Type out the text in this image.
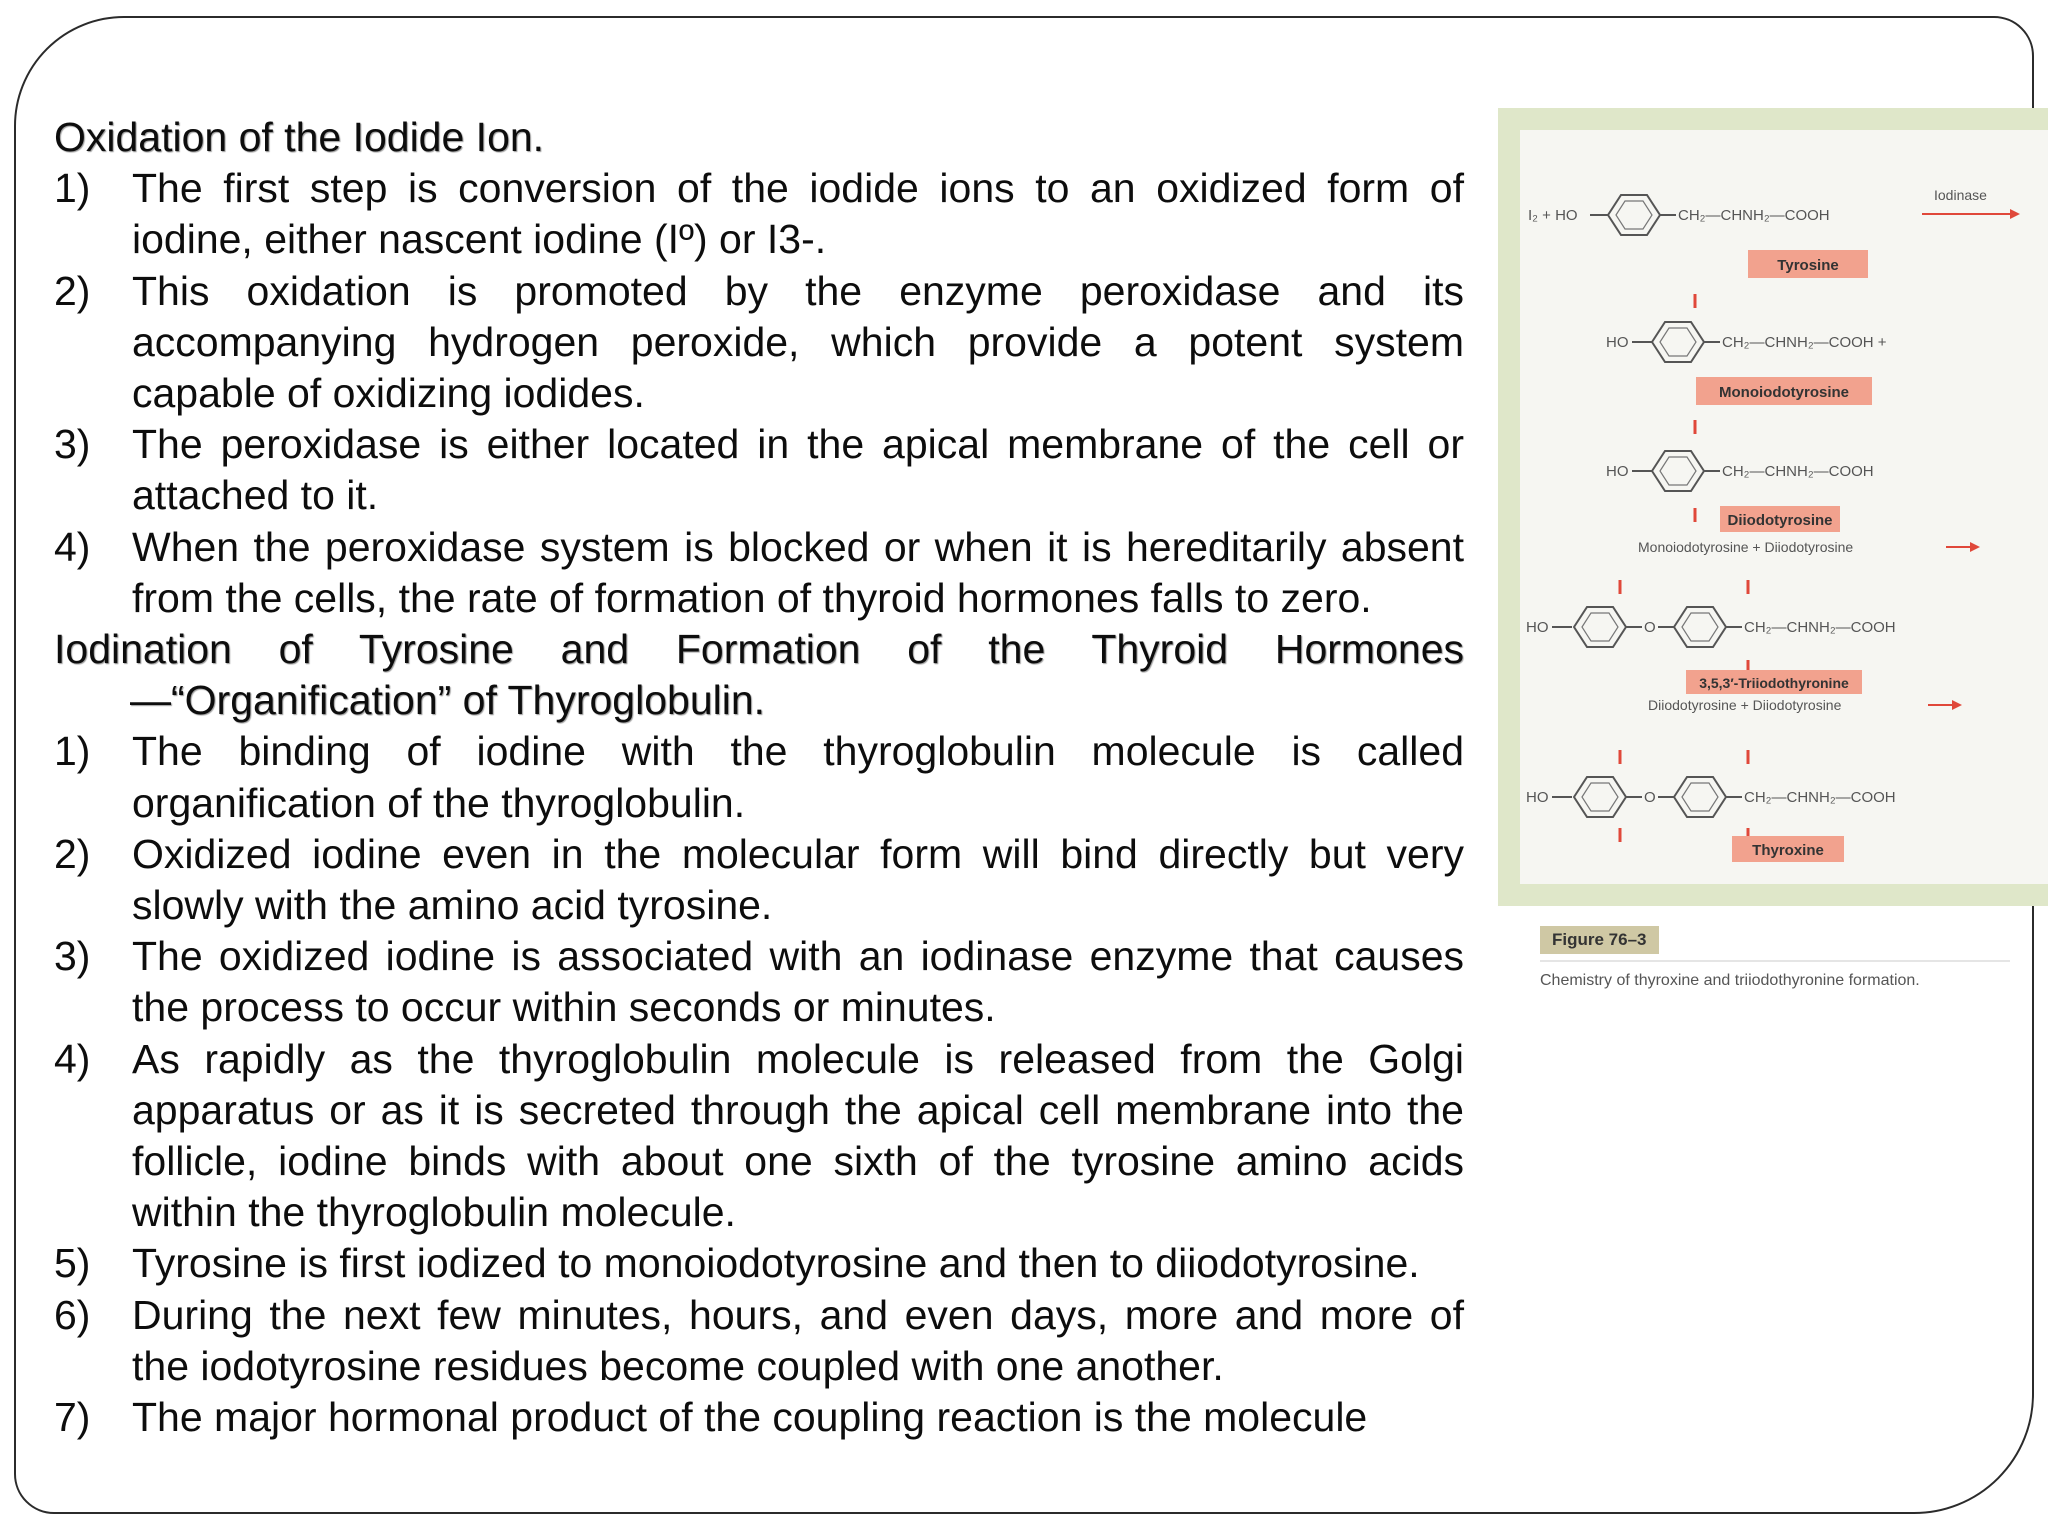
Oxidation of the Iodide Ion.
1)	The first step is conversion of the iodide ions to an oxidized form of iodine, either nascent iodine (Iº) or I3-.
2)	This oxidation is promoted by the enzyme peroxidase and its accompanying hydrogen peroxide, which provide a potent system capable of oxidizing iodides.
3)	The peroxidase is either located in the apical membrane of the cell or attached to it.
4)	When the peroxidase system is blocked or when it is hereditarily absent from the cells, the rate of formation of thyroid hormones falls to zero.
Iodination of Tyrosine and Formation of the Thyroid Hormones—“Organification” of Thyroglobulin.
1)	The binding of iodine with the thyroglobulin molecule is called organification of the thyroglobulin.
2)	Oxidized iodine even in the molecular form will bind directly but very slowly with the amino acid tyrosine.
3)	The oxidized iodine is associated with an iodinase enzyme that causes the process to occur within seconds or minutes.
4)	As rapidly as the thyroglobulin molecule is released from the Golgi apparatus or as it is secreted through the apical cell membrane into the follicle, iodine binds with about one sixth of the tyrosine amino acids within the thyroglobulin molecule.
5)	Tyrosine is first iodized to monoiodotyrosine and then to diiodotyrosine.
6)	During the next few minutes, hours, and even days, more and more of the iodotyrosine residues become coupled with one another.
7)	The major hormonal product of the coupling reaction is the molecule
I₂ + HO	CH₂—CHNH₂—COOH
Iodinase
Tyrosine
HO	CH₂—CHNH₂—COOH +
Monoiodotyrosine
HO	CH₂—CHNH₂—COOH
Diiodotyrosine
Monoiodotyrosine + Diiodotyrosine
HO	O	CH₂—CHNH₂—COOH
3,5,3′-Triiodothyronine
Diiodotyrosine + Diiodotyrosine
HO	O	CH₂—CHNH₂—COOH
Thyroxine
Figure 76–3
Chemistry of thyroxine and triiodothyronine formation.
